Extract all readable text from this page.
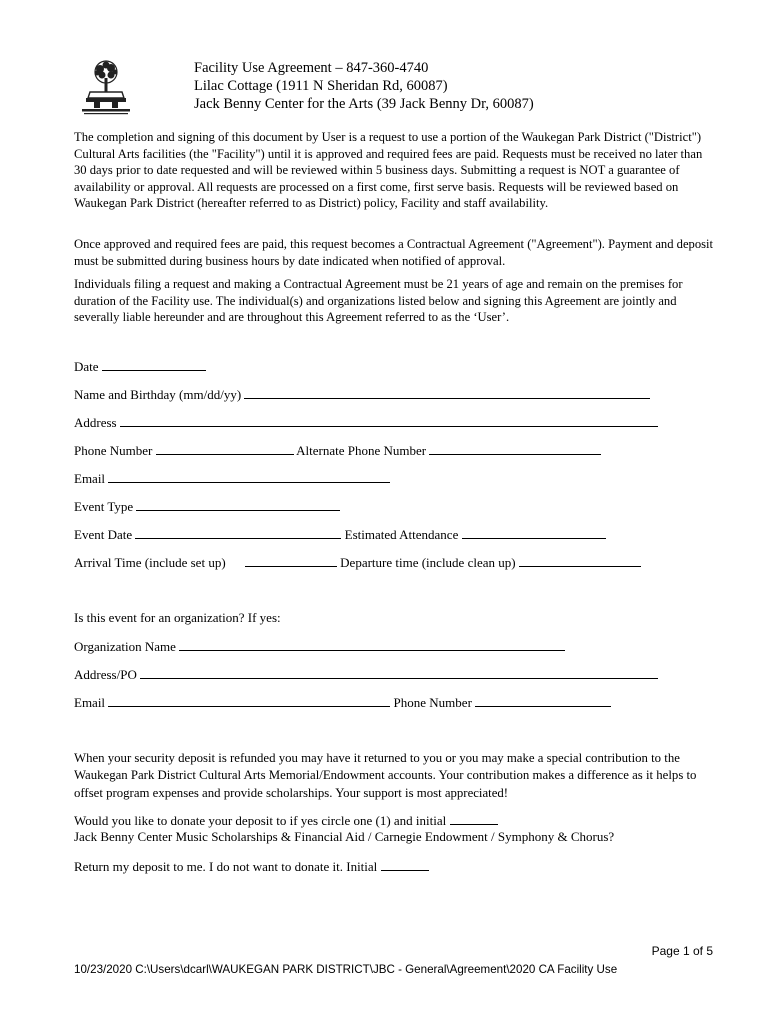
Facility Use Agreement – 847-360-4740
Lilac Cottage (1911 N Sheridan Rd, 60087)
Jack Benny Center for the Arts (39 Jack Benny Dr, 60087)
The completion and signing of this document by User is a request to use a portion of the Waukegan Park District ("District") Cultural Arts facilities (the "Facility") until it is approved and required fees are paid. Requests must be received no later than 30 days prior to date requested and will be reviewed within 5 business days. Submitting a request is NOT a guarantee of availability or approval. All requests are processed on a first come, first serve basis. Requests will be reviewed based on Waukegan Park District (hereafter referred to as District) policy, Facility and staff availability.
Once approved and required fees are paid, this request becomes a Contractual Agreement ("Agreement"). Payment and deposit must be submitted during business hours by date indicated when notified of approval.
Individuals filing a request and making a Contractual Agreement must be 21 years of age and remain on the premises for duration of the Facility use. The individual(s) and organizations listed below and signing this Agreement are jointly and severally liable hereunder and are throughout this Agreement referred to as the ‘User’.
Date
Name and Birthday (mm/dd/yy)
Address
Phone Number	Alternate Phone Number
Email
Event Type
Event Date	Estimated Attendance
Arrival Time (include set up)	Departure time (include clean up)
Is this event for an organization? If yes:
Organization Name
Address/PO
Email	Phone Number
When your security deposit is refunded you may have it returned to you or you may make a special contribution to the Waukegan Park District Cultural Arts Memorial/Endowment accounts. Your contribution makes a difference as it helps to offset program expenses and provide scholarships. Your support is most appreciated!
Would you like to donate your deposit to if yes circle one (1) and initial
Jack Benny Center Music Scholarships & Financial Aid / Carnegie Endowment / Symphony & Chorus?
Return my deposit to me. I do not want to donate it. Initial
Page 1 of 5
10/23/2020 C:\Users\dcarl\WAUKEGAN PARK DISTRICT\JBC - General\Agreement\2020 CA Facility Use
